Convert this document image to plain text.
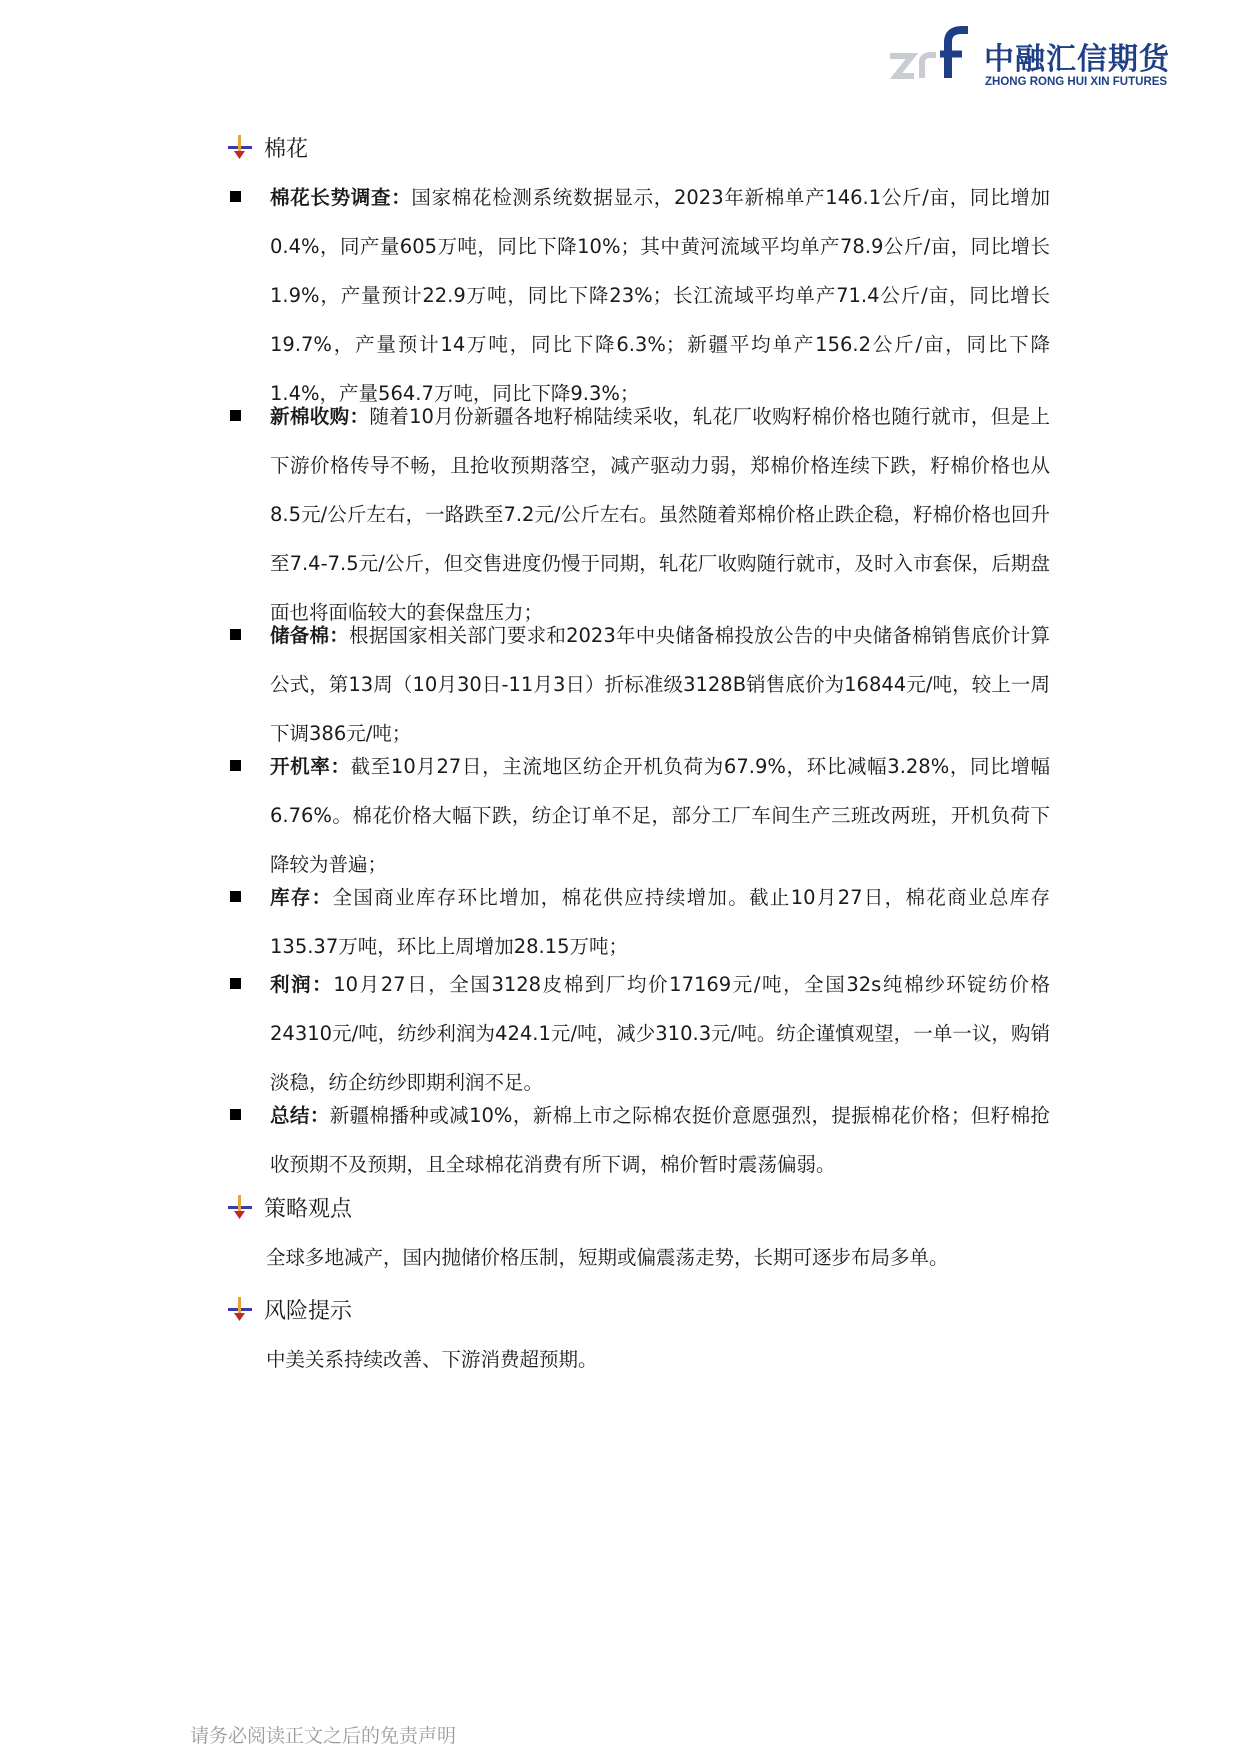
中融汇信期货
ZHONG RONG HUI XIN FUTURES
棉花
棉花长势调查：国家棉花检测系统数据显示，2023年新棉单产146.1公斤/亩，同比增加0.4%，同产量605万吨，同比下降10%；其中黄河流域平均单产78.9公斤/亩，同比增长1.9%，产量预计22.9万吨，同比下降23%；长江流域平均单产71.4公斤/亩，同比增长19.7%，产量预计14万吨，同比下降6.3%；新疆平均单产156.2公斤/亩，同比下降1.4%，产量564.7万吨，同比下降9.3%；
新棉收购：随着10月份新疆各地籽棉陆续采收，轧花厂收购籽棉价格也随行就市，但是上下游价格传导不畅，且抢收预期落空，减产驱动力弱，郑棉价格连续下跌，籽棉价格也从8.5元/公斤左右，一路跌至7.2元/公斤左右。虽然随着郑棉价格止跌企稳，籽棉价格也回升至7.4-7.5元/公斤，但交售进度仍慢于同期，轧花厂收购随行就市，及时入市套保，后期盘面也将面临较大的套保盘压力；
储备棉：根据国家相关部门要求和2023年中央储备棉投放公告的中央储备棉销售底价计算公式，第13周（10月30日-11月3日）折标准级3128B销售底价为16844元/吨，较上一周下调386元/吨；
开机率：截至10月27日，主流地区纺企开机负荷为67.9%，环比减幅3.28%，同比增幅6.76%。棉花价格大幅下跌，纺企订单不足，部分工厂车间生产三班改两班，开机负荷下降较为普遍；
库存：全国商业库存环比增加，棉花供应持续增加。截止10月27日，棉花商业总库存135.37万吨，环比上周增加28.15万吨；
利润：10月27日，全国3128皮棉到厂均价17169元/吨，全国32s纯棉纱环锭纺价格24310元/吨，纺纱利润为424.1元/吨，减少310.3元/吨。纺企谨慎观望，一单一议，购销淡稳，纺企纺纱即期利润不足。
总结：新疆棉播种或减10%，新棉上市之际棉农挺价意愿强烈，提振棉花价格；但籽棉抢收预期不及预期，且全球棉花消费有所下调，棉价暂时震荡偏弱。
策略观点
全球多地减产，国内抛储价格压制，短期或偏震荡走势，长期可逐步布局多单。
风险提示
中美关系持续改善、下游消费超预期。
请务必阅读正文之后的免责声明
